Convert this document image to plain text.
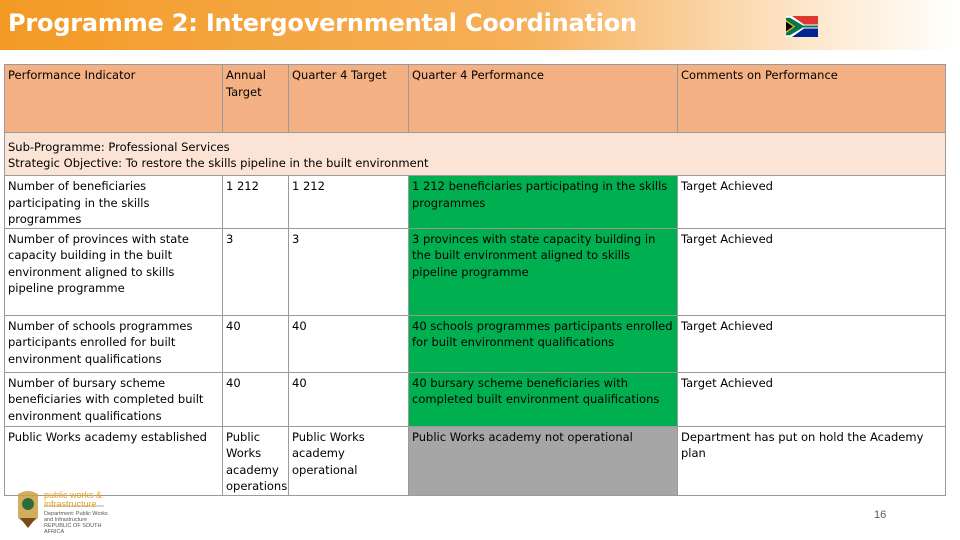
Programme 2: Intergovernmental Coordination
Performance Indicator	Annual Target	Quarter 4 Target	Quarter 4 Performance	Comments on Performance

Sub-Programme: Professional Services
Strategic Objective: To restore the skills pipeline in the built environment				

Number of beneficiaries participating in the skills programmes	1 212	1 212	1 212 beneficiaries participating in the skills programmes	Target Achieved
Number of provinces with state capacity building in the built environment aligned to skills pipeline programme	3	3	3 provinces with state capacity building in the built environment aligned to skills pipeline programme	Target Achieved
Number of schools programmes participants enrolled for built environment qualifications	40	40	40 schools programmes participants enrolled for built environment qualifications	Target Achieved
Number of bursary scheme beneficiaries with completed built environment qualifications	40	40	40 bursary scheme beneficiaries with completed built environment qualifications	Target Achieved
Public Works academy established	Public Works academy operations	Public Works academy operational	Public Works academy not operational	Department has put on hold the Academy plan
public works & infrastructure
Department: Public Works and Infrastructure REPUBLIC OF SOUTH AFRICA
16
